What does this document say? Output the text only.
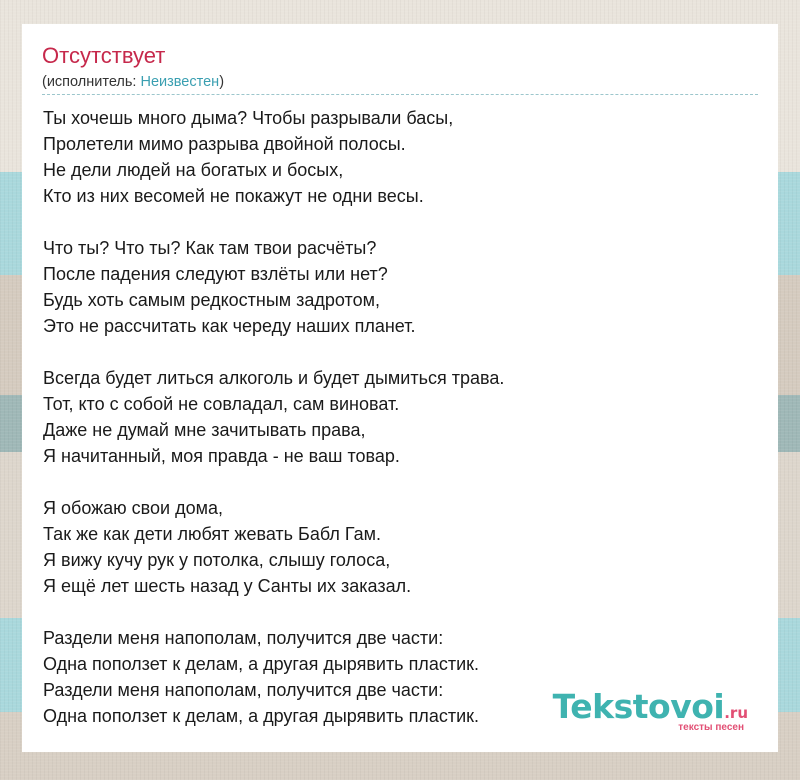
Отсутствует
(исполнитель: Неизвестен)
Ты хочешь много дыма? Чтобы разрывали басы,
Пролетели мимо разрыва двойной полосы.
Не дели людей на богатых и босых,
Кто из них весомей не покажут не одни весы.
Что ты? Что ты? Как там твои расчёты?
После падения следуют взлёты или нет?
Будь хоть самым редкостным задротом,
Это не рассчитать как череду наших планет.
Всегда будет литься алкоголь и будет дымиться трава.
Тот, кто с собой не совладал, сам виноват.
Даже не думай мне зачитывать права,
Я начитанный, моя правда - не ваш товар.
Я обожаю свои дома,
Так же как дети любят жевать Бабл Гам.
Я вижу кучу рук у потолка, слышу голоса,
Я ещё лет шесть назад у Санты их заказал.
Раздели меня напополам, получится две части:
Одна поползет к делам, а другая дырявить пластик.
Раздели меня напополам, получится две части:
Одна поползет к делам, а другая дырявить пластик.	Tekstovoi.ru
тексты песен
